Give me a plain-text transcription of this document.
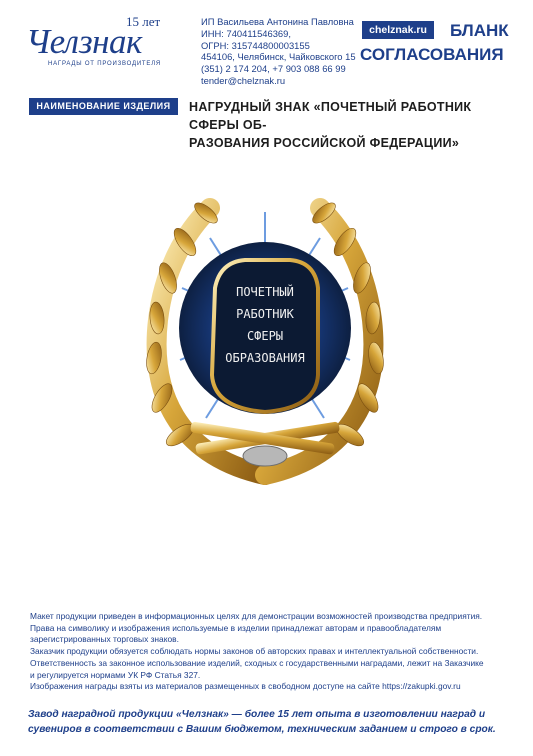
15 лет
Челзнак
НАГРАДЫ ОТ ПРОИЗВОДИТЕЛЯ
ИП Васильева Антонина Павловна
ИНН: 740411546369,
ОГРН: 315744800003155
454106, Челябинск, Чайковского 15
(351) 2 174 204, +7 903 088 66 99
tender@chelznak.ru
chelznak.ru	БЛАНК
СОГЛАСОВАНИЯ
НАИМЕНОВАНИЕ ИЗДЕЛИЯ	НАГРУДНЫЙ ЗНАК «ПОЧЕТНЫЙ РАБОТНИК СФЕРЫ ОБ-
РАЗОВАНИЯ РОССИЙСКОЙ ФЕДЕРАЦИИ»
ПОЧЕТНЫЙ
РАБОТНИК
СФЕРЫ
ОБРАЗОВАНИЯ
Макет продукции приведен в информационных целях для демонстрации возможностей производства предприятия.
Права на символику и изображения используемые в изделии принадлежат авторам и правообладателям
зарегистрированных торговых знаков.
Заказчик продукции обязуется соблюдать нормы законов об авторских правах и интеллектуальной собственности.
Ответственность за законное использование изделий, сходных с государственными наградами, лежит на Заказчике
и регулируется нормами УК РФ Статья 327.
Изображения награды взяты из материалов размещенных в свободном доступе на сайте https://zakupki.gov.ru
Завод наградной продукции «Челзнак» — более 15 лет опыта в изготовлении наград и
сувениров в соответствии с Вашим бюджетом, техническим заданием и строго в срок.
